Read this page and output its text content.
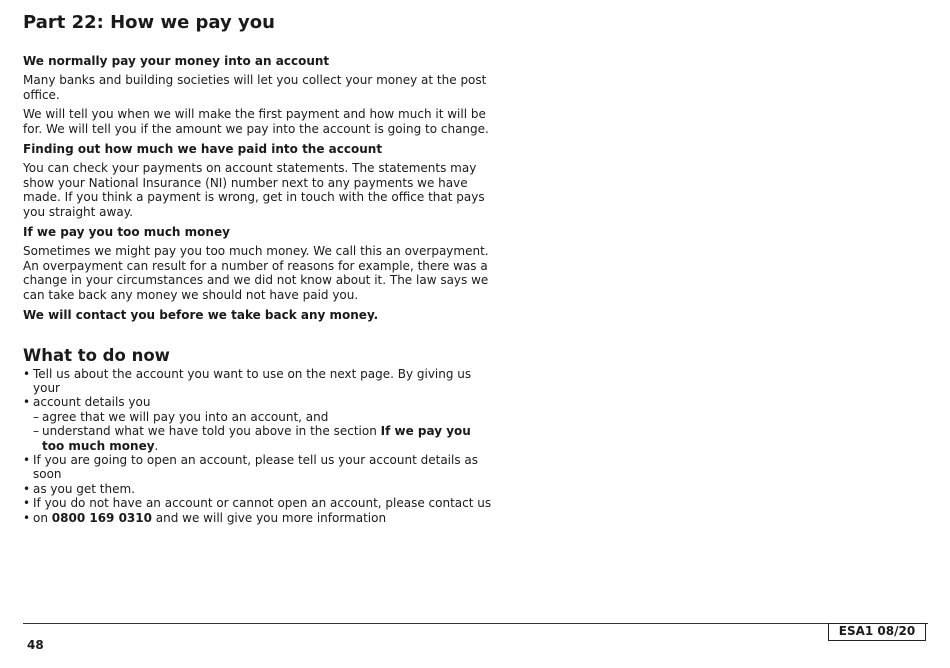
Part 22: How we pay you
We normally pay your money into an account

Many banks and building societies will let you collect your money at the post office.

We will tell you when we will make the first payment and how much it will be for. We will tell you if the amount we pay into the account is going to change.

Finding out how much we have paid into the account

You can check your payments on account statements. The statements may show your National Insurance (NI) number next to any payments we have made. If you think a payment is wrong, get in touch with the office that pays you straight away.

If we pay you too much money

Sometimes we might pay you too much money. We call this an overpayment. An overpayment can result for a number of reasons for example, there was a change in your circumstances and we did not know about it. The law says we can take back any money we should not have paid you.

We will contact you before we take back any money.

What to do now
• Tell us about the account you want to use on the next page. By giving us your
• account details you
– agree that we will pay you into an account, and
– understand what we have told you above in the section If we pay you
too much money.
• If you are going to open an account, please tell us your account details as soon
• as you get them.
• If you do not have an account or cannot open an account, please contact us
• on 0800 169 0310 and we will give you more information
48
ESA1 08/20
